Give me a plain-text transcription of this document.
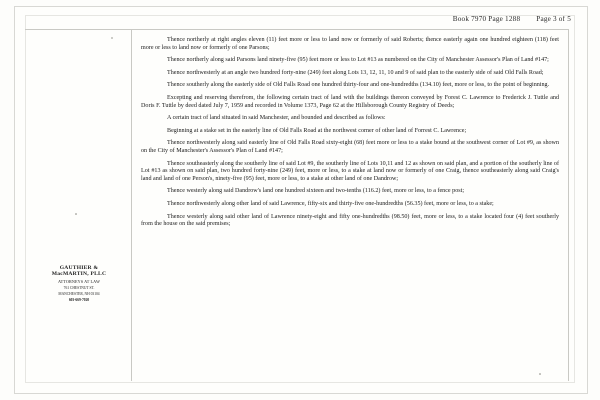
Book 7970 Page 1288 Page 3 of 5

Thence northerly at right angles eleven (11) feet more or less to land now or formerly of said Roberts; thence easterly again one hundred eighteen (118) feet more or less to land now or formerly of one Parsons;

Thence northerly along said Parsons land ninety-five (95) feet more or less to Lot #13 as numbered on the City of Manchester Assessor's Plan of Land #147;

Thence northwesterly at an angle two hundred forty-nine (249) feet along Lots 13, 12, 11, 10 and 9 of said plan to the easterly side of said Old Falls Road;

Thence southerly along the easterly side of Old Falls Road one hundred thirty-four and one-hundredths (134.10) feet, more or less, to the point of beginning.

Excepting and reserving therefrom, the following certain tract of land with the buildings thereon conveyed by Forest C. Lawrence to Frederick J. Tuttle and Doris F. Tuttle by deed dated July 7, 1959 and recorded in Volume 1373, Page 62 at the Hillsborough County Registry of Deeds;

A certain tract of land situated in said Manchester, and bounded and described as follows:

Beginning at a stake set in the easterly line of Old Falls Road at the northwest corner of other land of Forrest C. Lawrence;

Thence northwesterly along said easterly line of Old Falls Road sixty-eight (68) feet more or less to a stake bound at the southwest corner of Lot #9, as shown on the City of Manchester's Assessor's Plan of Land #147;

Thence southeasterly along the southerly line of said Lot #9, the southerly line of Lots 10,11 and 12 as shown on said plan, and a portion of the southerly line of Lot #13 as shown on said plan, two hundred forty-nine (249) feet, more or less, to a stake at land now or formerly of one Craig, thence southeasterly along said Craig's land and land of one Person's, ninety-five (95) feet, more or less, to a stake at other land of one Dandrow;

Thence westerly along said Dandrow's land one hundred sixteen and two-tenths (116.2) feet, more or less, to a fence post;

Thence northwesterly along other land of said Lawrence, fifty-six and thirty-five one-hundredths (56.35) feet, more or less, to a stake;

Thence westerly along said other land of Lawrence ninety-eight and fifty one-hundredths (98.50) feet, more or less, to a stake located four (4) feet southerly from the house on the said premises;

GAUTHIER &
MacMARTIN, PLLC
ATTORNEYS AT LAW
761 CHESTNUT ST.
MANCHESTER, NH 03104
603-669-7020
